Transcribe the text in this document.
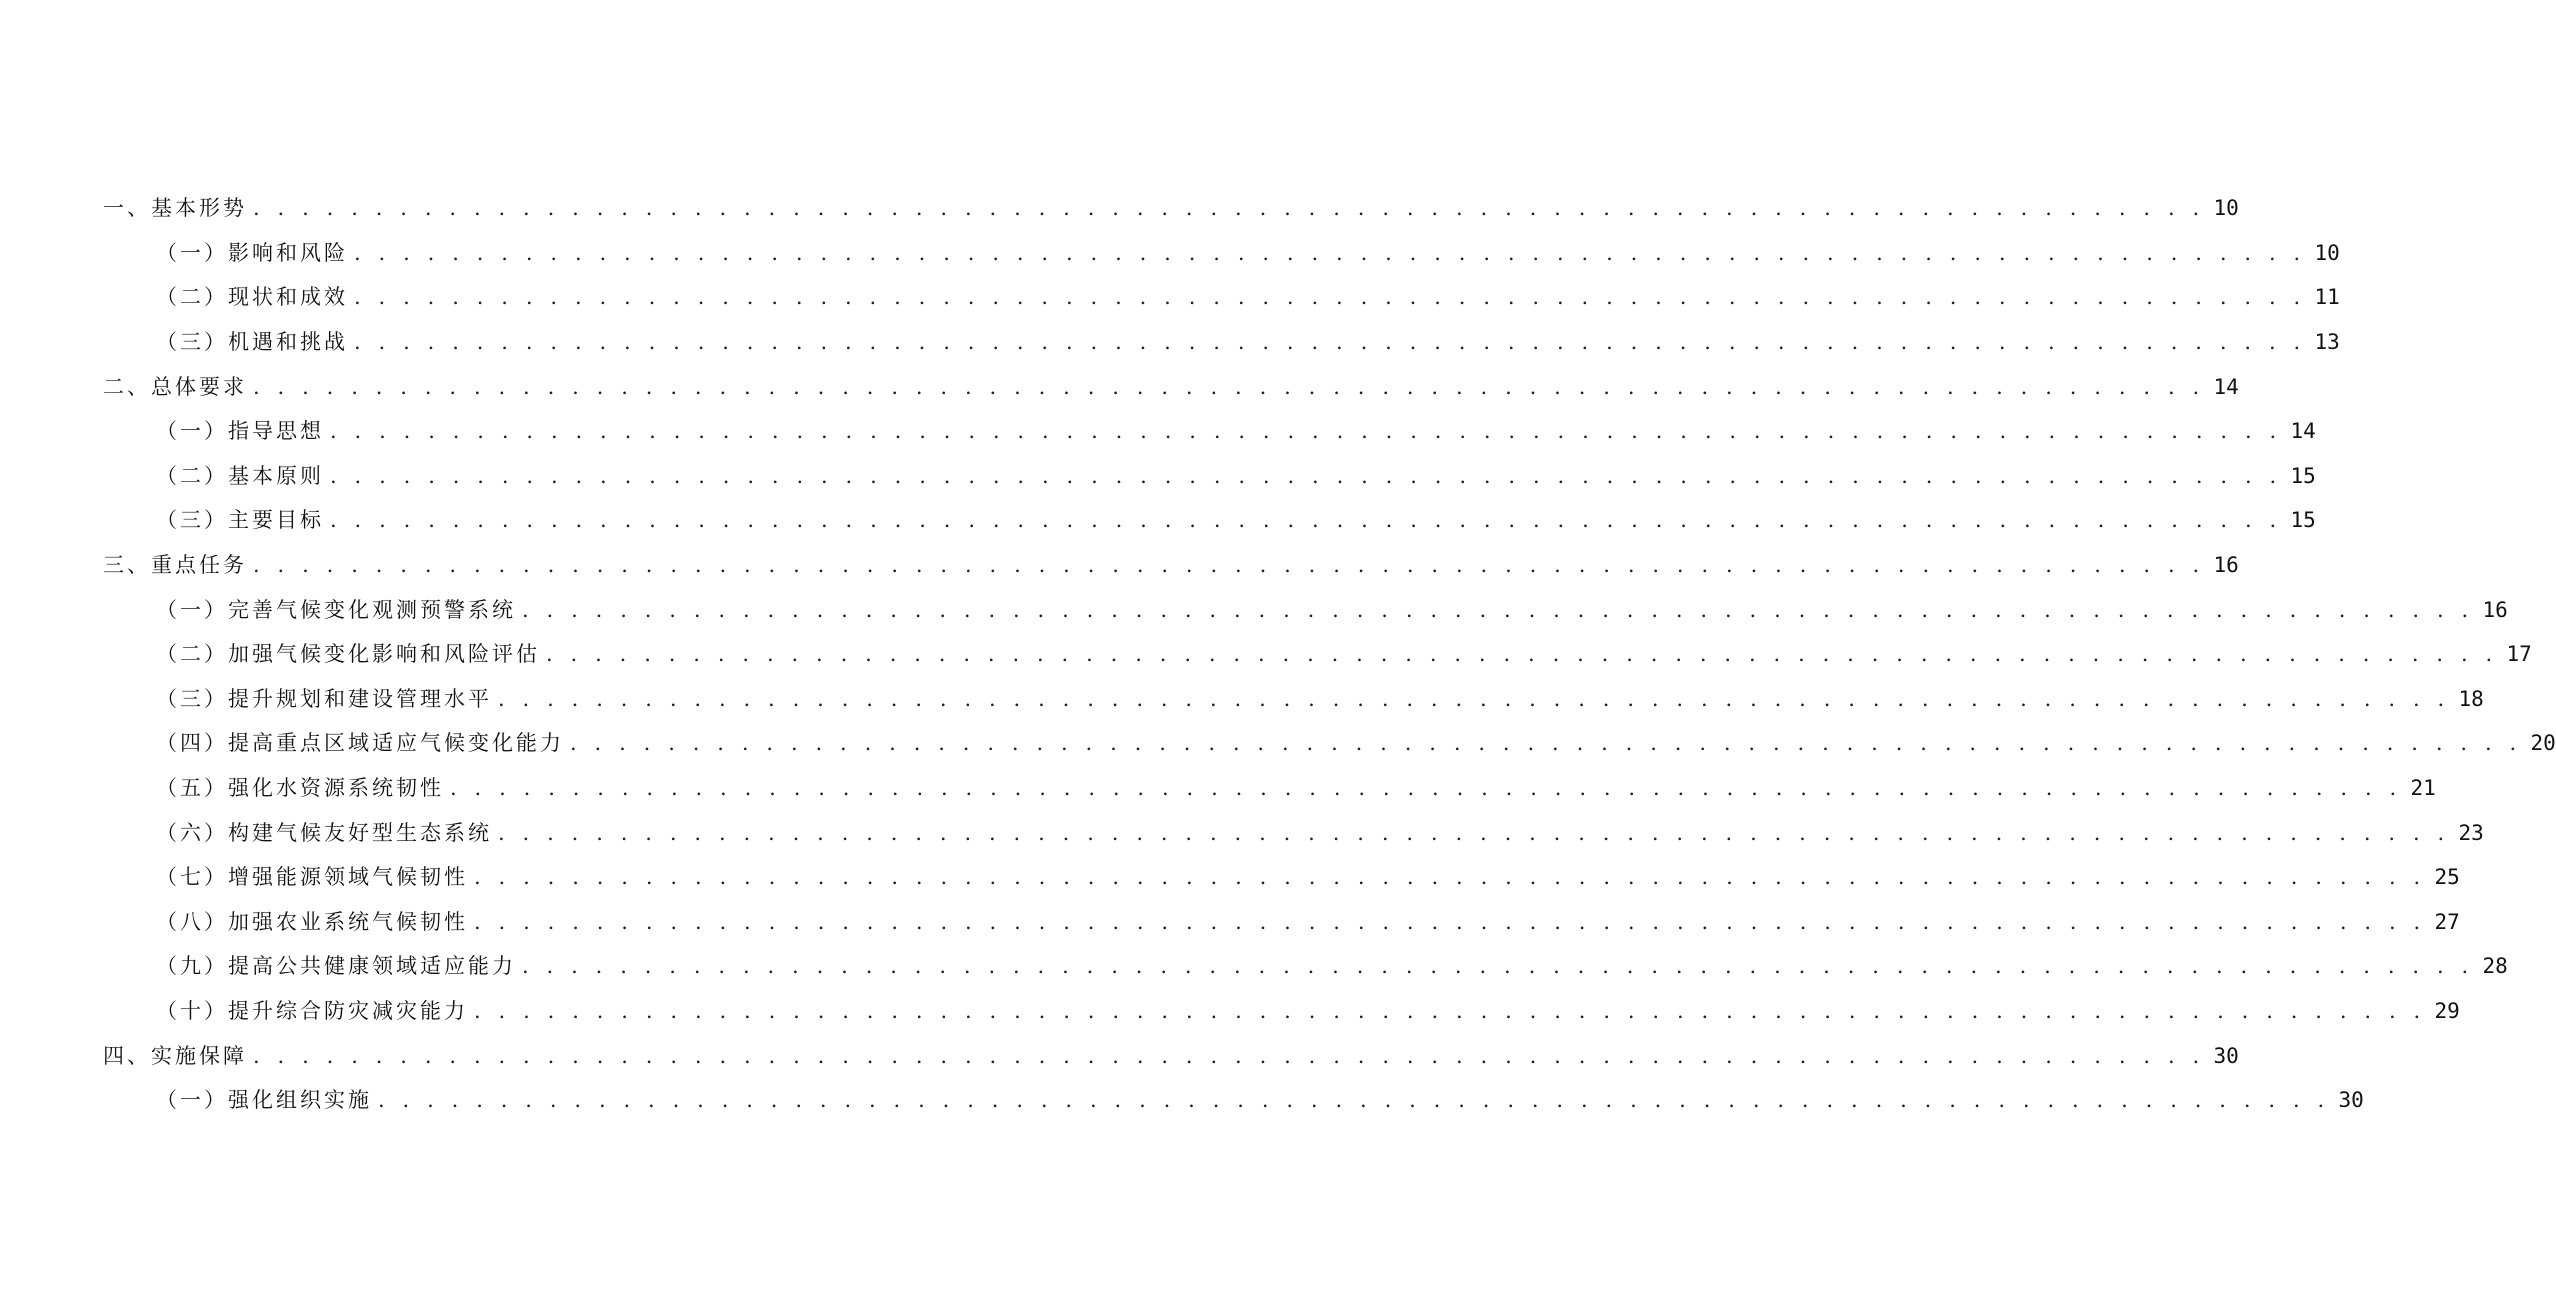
一、基本形势 . . . . . . . . . . . . . . . . . . . . . . . . . . . . . . . . . . . . . . . . . . . . . . . . . . . . . . . . . . . . . . . . . . . . . . . . . . . . . . . . 10
（一）影响和风险 . . . . . . . . . . . . . . . . . . . . . . . . . . . . . . . . . . . . . . . . . . . . . . . . . . . . . . . . . . . . . . . . . . . . . . . . . . . . . . . . 10
（二）现状和成效 . . . . . . . . . . . . . . . . . . . . . . . . . . . . . . . . . . . . . . . . . . . . . . . . . . . . . . . . . . . . . . . . . . . . . . . . . . . . . . . . 11
（三）机遇和挑战 . . . . . . . . . . . . . . . . . . . . . . . . . . . . . . . . . . . . . . . . . . . . . . . . . . . . . . . . . . . . . . . . . . . . . . . . . . . . . . . . 13
二、总体要求 . . . . . . . . . . . . . . . . . . . . . . . . . . . . . . . . . . . . . . . . . . . . . . . . . . . . . . . . . . . . . . . . . . . . . . . . . . . . . . . . 14
（一）指导思想 . . . . . . . . . . . . . . . . . . . . . . . . . . . . . . . . . . . . . . . . . . . . . . . . . . . . . . . . . . . . . . . . . . . . . . . . . . . . . . . . 14
（二）基本原则 . . . . . . . . . . . . . . . . . . . . . . . . . . . . . . . . . . . . . . . . . . . . . . . . . . . . . . . . . . . . . . . . . . . . . . . . . . . . . . . . 15
（三）主要目标 . . . . . . . . . . . . . . . . . . . . . . . . . . . . . . . . . . . . . . . . . . . . . . . . . . . . . . . . . . . . . . . . . . . . . . . . . . . . . . . . 15
三、重点任务 . . . . . . . . . . . . . . . . . . . . . . . . . . . . . . . . . . . . . . . . . . . . . . . . . . . . . . . . . . . . . . . . . . . . . . . . . . . . . . . . 16
（一）完善气候变化观测预警系统 . . . . . . . . . . . . . . . . . . . . . . . . . . . . . . . . . . . . . . . . . . . . . . . . . . . . . . . . . . . . . . . . . . . . . . . . . . . . . . . . 16
（二）加强气候变化影响和风险评估 . . . . . . . . . . . . . . . . . . . . . . . . . . . . . . . . . . . . . . . . . . . . . . . . . . . . . . . . . . . . . . . . . . . . . . . . . . . . . . . . 17
（三）提升规划和建设管理水平 . . . . . . . . . . . . . . . . . . . . . . . . . . . . . . . . . . . . . . . . . . . . . . . . . . . . . . . . . . . . . . . . . . . . . . . . . . . . . . . . 18
（四）提高重点区域适应气候变化能力 . . . . . . . . . . . . . . . . . . . . . . . . . . . . . . . . . . . . . . . . . . . . . . . . . . . . . . . . . . . . . . . . . . . . . . . . . . . . . . . . 20
（五）强化水资源系统韧性 . . . . . . . . . . . . . . . . . . . . . . . . . . . . . . . . . . . . . . . . . . . . . . . . . . . . . . . . . . . . . . . . . . . . . . . . . . . . . . . . 21
（六）构建气候友好型生态系统 . . . . . . . . . . . . . . . . . . . . . . . . . . . . . . . . . . . . . . . . . . . . . . . . . . . . . . . . . . . . . . . . . . . . . . . . . . . . . . . . 23
（七）增强能源领域气候韧性 . . . . . . . . . . . . . . . . . . . . . . . . . . . . . . . . . . . . . . . . . . . . . . . . . . . . . . . . . . . . . . . . . . . . . . . . . . . . . . . . 25
（八）加强农业系统气候韧性 . . . . . . . . . . . . . . . . . . . . . . . . . . . . . . . . . . . . . . . . . . . . . . . . . . . . . . . . . . . . . . . . . . . . . . . . . . . . . . . . 27
（九）提高公共健康领域适应能力 . . . . . . . . . . . . . . . . . . . . . . . . . . . . . . . . . . . . . . . . . . . . . . . . . . . . . . . . . . . . . . . . . . . . . . . . . . . . . . . . 28
（十）提升综合防灾减灾能力 . . . . . . . . . . . . . . . . . . . . . . . . . . . . . . . . . . . . . . . . . . . . . . . . . . . . . . . . . . . . . . . . . . . . . . . . . . . . . . . . 29
四、实施保障 . . . . . . . . . . . . . . . . . . . . . . . . . . . . . . . . . . . . . . . . . . . . . . . . . . . . . . . . . . . . . . . . . . . . . . . . . . . . . . . . 30
（一）强化组织实施 . . . . . . . . . . . . . . . . . . . . . . . . . . . . . . . . . . . . . . . . . . . . . . . . . . . . . . . . . . . . . . . . . . . . . . . . . . . . . . . . 30
